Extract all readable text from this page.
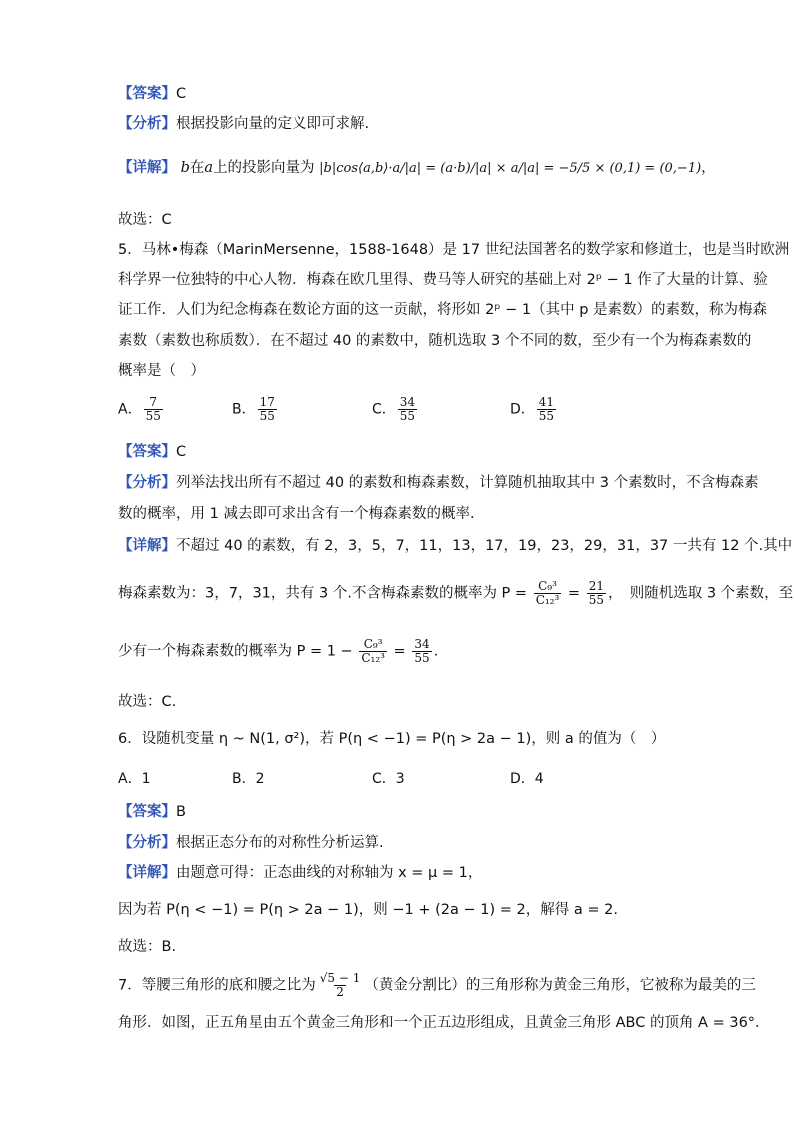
【答案】C
【分析】根据投影向量的定义即可求解.
【详解】 b在a上的投影向量为 |b|cos⟨a,b⟩·a/|a| = (a·b)/|a| × a/|a| = −5/5 × (0,1) = (0,−1)，
故选：C
5．马林•梅森（MarinMersenne，1588-1648）是 17 世纪法国著名的数学家和修道士，也是当时欧洲
科学界一位独特的中心人物．梅森在欧几里得、费马等人研究的基础上对 2ᵖ − 1 作了大量的计算、验
证工作．人们为纪念梅森在数论方面的这一贡献，将形如 2ᵖ − 1（其中 p 是素数）的素数，称为梅森
素数（素数也称质数）．在不超过 40 的素数中，随机选取 3 个不同的数，至少有一个为梅森素数的
概率是（　）
A． $\frac{7}{55}$	B． $\frac{17}{55}$	C． $\frac{34}{55}$	D． $\frac{41}{55}$
【答案】C
【分析】列举法找出所有不超过 40 的素数和梅森素数，计算随机抽取其中 3 个素数时，不含梅森素
数的概率，用 1 减去即可求出含有一个梅森素数的概率.
【详解】不超过 40 的素数，有 2，3，5，7，11，13，17，19，23，29，31，37 一共有 12 个.其中
梅森素数为：3，7，31，共有 3 个.不含梅森素数的概率为 $P = \frac{\text{C₉³}}{\text{C₁₂³}} = \frac{21}{55}$ ，　则随机选取 3 个素数，至
少有一个梅森素数的概率为 $P = 1 - \frac{\text{C₉³}}{\text{C₁₂³}} = \frac{34}{55}$ .
故选：C.
6．设随机变量 η ~ N(1, σ²)，若 P(η < −1) = P(η > 2a − 1)，则 a 的值为（　）
A．1	B．2	C．3	D．4
【答案】B
【分析】根据正态分布的对称性分析运算.
【详解】由题意可得：正态曲线的对称轴为 x = μ = 1，
因为若 P(η < −1) = P(η > 2a − 1)，则 −1 + (2a − 1) = 2，解得 a = 2.
故选：B.
7．等腰三角形的底和腰之比为 $\frac{√5 - 1}{2}$ （黄金分割比）的三角形称为黄金三角形，它被称为最美的三
角形．如图，正五角星由五个黄金三角形和一个正五边形组成，且黄金三角形 ABC 的顶角 A = 36°．
